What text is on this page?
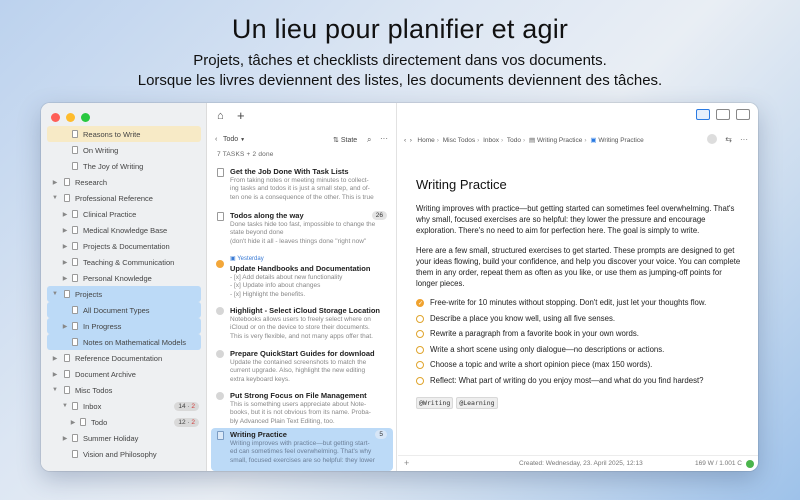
Un lieu pour planifier et agir

Projets, tâches et checklists directement dans vos documents.

Lorsque les livres deviennent des listes, les documents deviennent des tâches.

Reasons to Write
On Writing
The Joy of Writing
▶ Research
▼ Professional Reference
▶ Clinical Practice
▶ Medical Knowledge Base
▶ Projects & Documentation
▶ Teaching & Communication
▶ Personal Knowledge
▼ Projects
All Document Types
▶ In Progress
Notes on Mathematical Models
▶ Reference Documentation
▶ Document Archive
▼ Misc Todos
▼ Inbox	14 · 2
▶ Todo	12 · 2
▶ Summer Holiday
Vision and Philosophy
⌂ +
‹ Todo ▼	⇅ State ⌕ ···
7 TASKS + 2 done
Get the Job Done With Task Lists
From taking notes or meeting minutes to collect-
ing tasks and todos it is just a small step, and of-
ten one is a consequence of the other. This is true
Todos along the way	26
Done tasks hide too fast, impossible to change the
state beyond done
(don't hide it all - leaves things done "right now"
▣ Yesterday
Update Handbooks and Documentation
- [x] Add details about new functionality
- [x] Update info about changes
- [x] Highlight the benefits.
Highlight - Select iCloud Storage Location
Notebooks allows users to freely select where on
iCloud or on the device to store their documents.
This is very flexible, and not many apps offer that.
Prepare QuickStart Guides for download
Update the contained screenshots to match the
current upgrade. Also, highlight the new editing
extra keyboard keys.
Put Strong Focus on File Management
This is something users appreciate about Note-
books, but it is not obvious from its name. Proba-
bly Advanced Plain Text Editing, too.
Writing Practice	5
Writing improves with practice—but getting start-
ed can sometimes feel overwhelming. That's why
small, focused exercises are so helpful: they lower
‹ › Home › Misc Todos › Inbox › Todo › ▤ Writing Practice › ▣ Writing Practice	⇆ ···
Writing Practice

Writing improves with practice—but getting started can sometimes feel overwhelming. That's why small, focused exercises are so helpful: they lower the pressure and encourage exploration. There's no need to aim for perfection here. The goal is simply to write.

Here are a few small, structured exercises to get started. These prompts are designed to get your ideas flowing, build your confidence, and help you discover your voice. You can complete them in any order, repeat them as often as you like, or use them as jumping-off points for longer pieces.

✓
Free-write for 10 minutes without stopping. Don't edit, just let your thoughts flow.
Describe a place you know well, using all five senses.
Rewrite a paragraph from a favorite book in your own words.
Write a short scene using only dialogue—no descriptions or actions.
Choose a topic and write a short opinion piece (max 150 words).
Reflect: What part of writing do you enjoy most—and what do you find hardest?
@Writing	@Learning
+	Created: Wednesday, 23. April 2025, 12:13	169 W / 1.001 C
